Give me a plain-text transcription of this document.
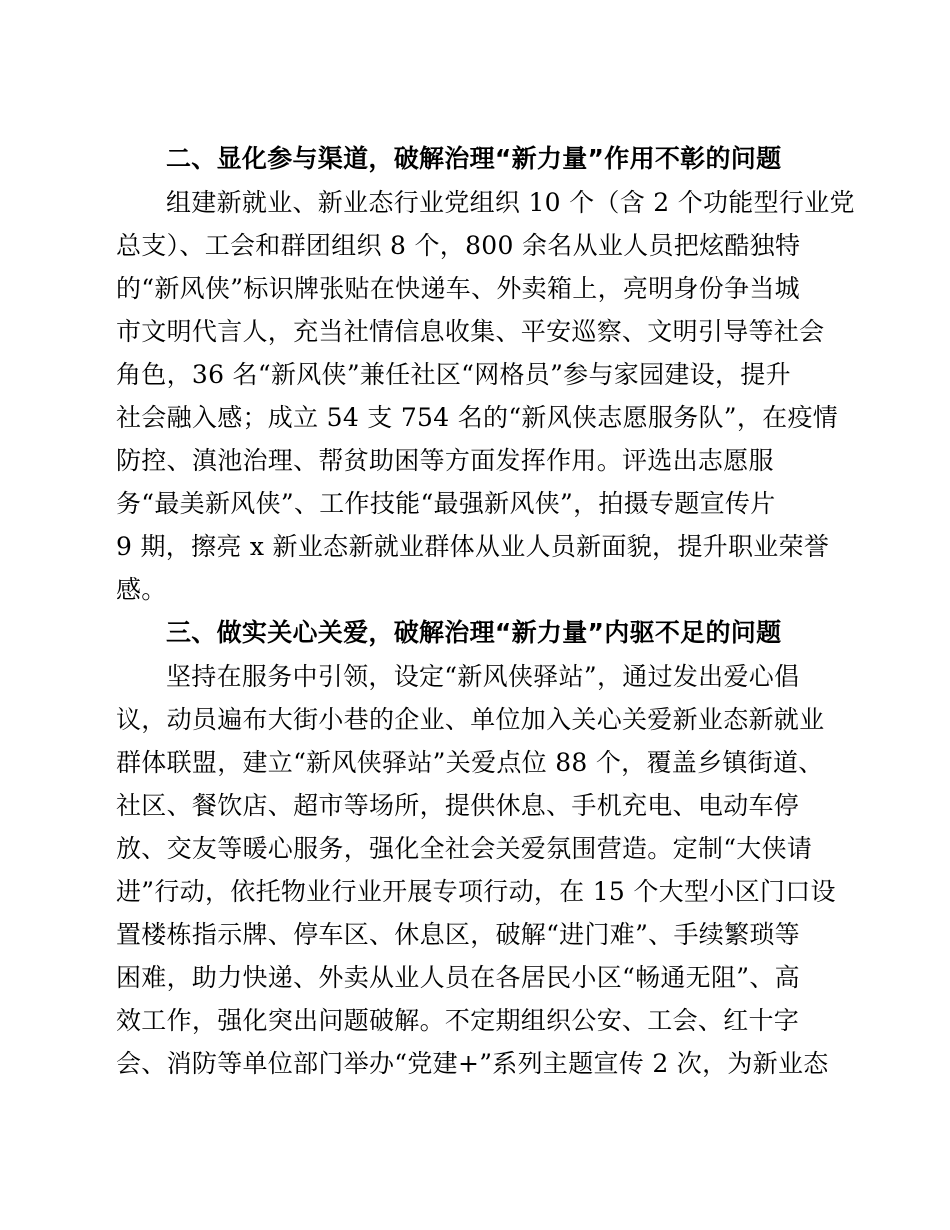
二、显化参与渠道，破解治理“新力量”作用不彰的问题
组建新就业、新业态行业党组织 10 个（含 2 个功能型行业党
总支）、工会和群团组织 8 个，800 余名从业人员把炫酷独特
的“新风侠”标识牌张贴在快递车、外卖箱上，亮明身份争当城
市文明代言人，充当社情信息收集、平安巡察、文明引导等社会
角色，36 名“新风侠”兼任社区“网格员”参与家园建设，提升
社会融入感；成立 54 支 754 名的“新风侠志愿服务队”，在疫情
防控、滇池治理、帮贫助困等方面发挥作用。评选出志愿服
务“最美新风侠”、工作技能“最强新风侠”，拍摄专题宣传片
9 期，擦亮 x 新业态新就业群体从业人员新面貌，提升职业荣誉
感。
三、做实关心关爱，破解治理“新力量”内驱不足的问题
坚持在服务中引领，设定“新风侠驿站”，通过发出爱心倡
议，动员遍布大街小巷的企业、单位加入关心关爱新业态新就业
群体联盟，建立“新风侠驿站”关爱点位 88 个，覆盖乡镇街道、
社区、餐饮店、超市等场所，提供休息、手机充电、电动车停
放、交友等暖心服务，强化全社会关爱氛围营造。定制“大侠请
进”行动，依托物业行业开展专项行动，在 15 个大型小区门口设
置楼栋指示牌、停车区、休息区，破解“进门难”、手续繁琐等
困难，助力快递、外卖从业人员在各居民小区“畅通无阻”、高
效工作，强化突出问题破解。不定期组织公安、工会、红十字
会、消防等单位部门举办“党建+”系列主题宣传 2 次，为新业态
